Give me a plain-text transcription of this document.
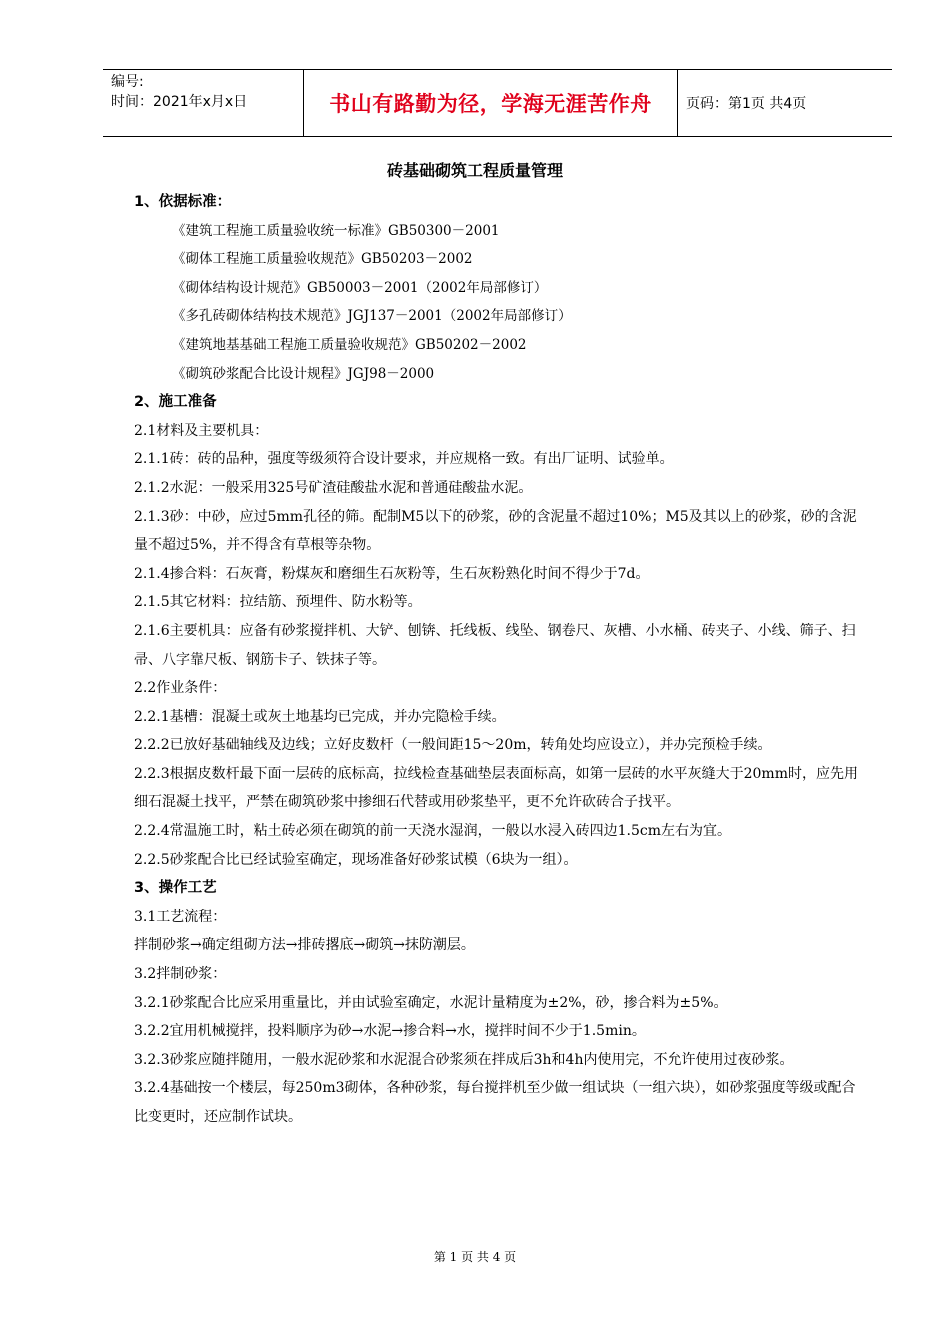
编号:
时间：2021年x月x日	书山有路勤为径，学海无涯苦作舟 页码：第1页 共4页
砖基础砌筑工程质量管理

1、依据标准：

《建筑工程施工质量验收统一标准》GB50300－2001

《砌体工程施工质量验收规范》GB50203－2002

《砌体结构设计规范》GB50003－2001（2002年局部修订）

《多孔砖砌体结构技术规范》JGJ137－2001（2002年局部修订）

《建筑地基基础工程施工质量验收规范》GB50202－2002

《砌筑砂浆配合比设计规程》JGJ98－2000

2、施工准备

2.1材料及主要机具：

2.1.1砖：砖的品种，强度等级须符合设计要求，并应规格一致。有出厂证明、试验单。

2.1.2水泥：一般采用325号矿渣硅酸盐水泥和普通硅酸盐水泥。

2.1.3砂：中砂，应过5mm孔径的筛。配制M5以下的砂浆，砂的含泥量不超过10%；M5及其以上的砂浆，砂的含泥量不超过5%，并不得含有草根等杂物。

2.1.4掺合料：石灰膏，粉煤灰和磨细生石灰粉等，生石灰粉熟化时间不得少于7d。

2.1.5其它材料：拉结筋、预埋件、防水粉等。

2.1.6主要机具：应备有砂浆搅拌机、大铲、刨锛、托线板、线坠、钢卷尺、灰槽、小水桶、砖夹子、小线、筛子、扫帚、八字靠尺板、钢筋卡子、铁抹子等。

2.2作业条件：

2.2.1基槽：混凝土或灰土地基均已完成，并办完隐检手续。

2.2.2已放好基础轴线及边线；立好皮数杆（一般间距15～20m，转角处均应设立），并办完预检手续。

2.2.3根据皮数杆最下面一层砖的底标高，拉线检查基础垫层表面标高，如第一层砖的水平灰缝大于20mm时，应先用细石混凝土找平，严禁在砌筑砂浆中掺细石代替或用砂浆垫平，更不允许砍砖合子找平。

2.2.4常温施工时，粘土砖必须在砌筑的前一天浇水湿润，一般以水浸入砖四边1.5cm左右为宜。

2.2.5砂浆配合比已经试验室确定，现场准备好砂浆试模（6块为一组）。

3、操作工艺

3.1工艺流程：

拌制砂浆→确定组砌方法→排砖撂底→砌筑→抹防潮层。

3.2拌制砂浆：

3.2.1砂浆配合比应采用重量比，并由试验室确定，水泥计量精度为±2%，砂，掺合料为±5%。

3.2.2宜用机械搅拌，投料顺序为砂→水泥→掺合料→水，搅拌时间不少于1.5min。

3.2.3砂浆应随拌随用，一般水泥砂浆和水泥混合砂浆须在拌成后3h和4h内使用完，不允许使用过夜砂浆。

3.2.4基础按一个楼层，每250m3砌体，各种砂浆，每台搅拌机至少做一组试块（一组六块），如砂浆强度等级或配合比变更时，还应制作试块。

第 1 页 共 4 页
